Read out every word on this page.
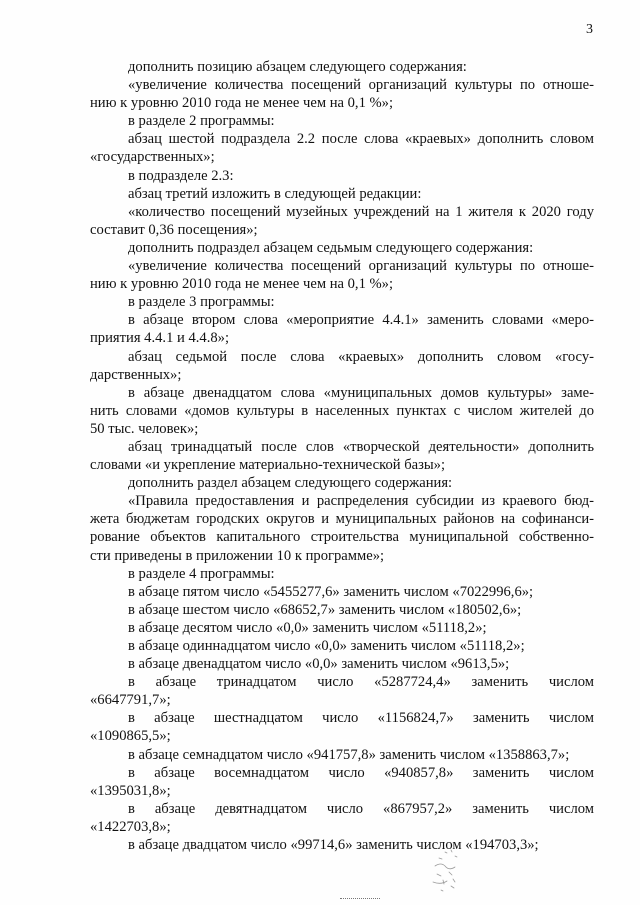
3
дополнить позицию абзацем следующего содержания:
«увеличение количества посещений организаций культуры по отноше-
нию к уровню 2010 года не менее чем на 0,1 %»;
в разделе 2 программы:
абзац шестой подраздела 2.2 после слова «краевых» дополнить словом
«государственных»;
в подразделе 2.3:
абзац третий изложить в следующей редакции:
«количество посещений музейных учреждений на 1 жителя к 2020 году
составит 0,36 посещения»;
дополнить подраздел абзацем седьмым следующего содержания:
«увеличение количества посещений организаций культуры по отноше-
нию к уровню 2010 года не менее чем на 0,1 %»;
в разделе 3 программы:
в абзаце втором слова «мероприятие 4.4.1» заменить словами «меро-
приятия 4.4.1 и 4.4.8»;
абзац седьмой после слова «краевых» дополнить словом «госу-
дарственных»;
в абзаце двенадцатом слова «муниципальных домов культуры» заме-
нить словами «домов культуры в населенных пунктах с числом жителей до
50 тыс. человек»;
абзац тринадцатый после слов «творческой деятельности» дополнить
словами «и укрепление материально-технической базы»;
дополнить раздел абзацем следующего содержания:
«Правила предоставления и распределения субсидии из краевого бюд-
жета бюджетам городских округов и муниципальных районов на софинанси-
рование объектов капитального строительства муниципальной собственно-
сти приведены в приложении 10 к программе»;
в разделе 4 программы:
в абзаце пятом число «5455277,6» заменить числом «7022996,6»;
в абзаце шестом число «68652,7» заменить числом «180502,6»;
в абзаце десятом число «0,0» заменить числом «51118,2»;
в абзаце одиннадцатом число «0,0» заменить числом «51118,2»;
в абзаце двенадцатом число «0,0» заменить числом «9613,5»;
в абзаце тринадцатом число «5287724,4» заменить числом
«6647791,7»;
в абзаце шестнадцатом число «1156824,7» заменить числом
«1090865,5»;
в абзаце семнадцатом число «941757,8» заменить числом «1358863,7»;
в абзаце восемнадцатом число «940857,8» заменить числом
«1395031,8»;
в абзаце девятнадцатом число «867957,2» заменить числом
«1422703,8»;
в абзаце двадцатом число «99714,6» заменить числом «194703,3»;
